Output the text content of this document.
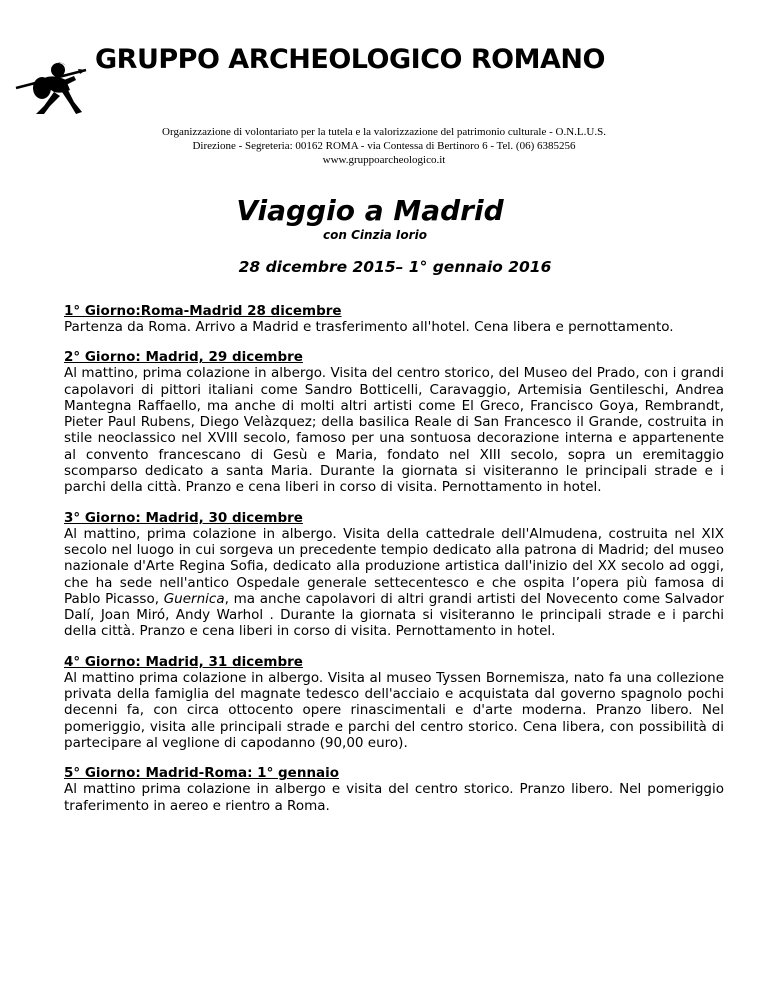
GRUPPO ARCHEOLOGICO ROMANO
Organizzazione di volontariato per la tutela e la valorizzazione del patrimonio culturale - O.N.L.U.S.
Direzione - Segreteria: 00162 ROMA - via Contessa di Bertinoro 6 - Tel. (06) 6385256
www.gruppoarcheologico.it
Viaggio a Madrid
con Cinzia Iorio
28 dicembre 2015– 1° gennaio 2016
1° Giorno:Roma-Madrid 28 dicembre
Partenza da Roma. Arrivo a Madrid e trasferimento all'hotel. Cena libera e pernottamento.
2° Giorno: Madrid, 29 dicembre
Al mattino, prima colazione in albergo. Visita del centro storico, del Museo del Prado, con i grandi capolavori di pittori italiani come Sandro Botticelli, Caravaggio, Artemisia Gentileschi, Andrea Mantegna Raffaello, ma anche di molti altri artisti come El Greco, Francisco Goya, Rembrandt, Pieter Paul Rubens, Diego Velàzquez; della basilica Reale di San Francesco il Grande, costruita in stile neoclassico nel XVIII secolo, famoso per una sontuosa decorazione interna e appartenente al convento francescano di Gesù e Maria, fondato nel XIII secolo, sopra un eremitaggio scomparso dedicato a santa Maria. Durante la giornata si visiteranno le principali strade e i parchi della città. Pranzo e cena liberi in corso di visita. Pernottamento in hotel.
3° Giorno: Madrid, 30 dicembre
Al mattino, prima colazione in albergo. Visita della cattedrale dell'Almudena, costruita nel XIX secolo nel luogo in cui sorgeva un precedente tempio dedicato alla patrona di Madrid; del museo nazionale d'Arte Regina Sofia, dedicato alla produzione artistica dall'inizio del XX secolo ad oggi, che ha sede nell'antico Ospedale generale settecentesco e che ospita l’opera più famosa di Pablo Picasso, Guernica, ma anche capolavori di altri grandi artisti del Novecento come Salvador Dalí, Joan Miró, Andy Warhol . Durante la giornata si visiteranno le principali strade e i parchi della città. Pranzo e cena liberi in corso di visita. Pernottamento in hotel.
4° Giorno: Madrid, 31 dicembre
Al mattino prima colazione in albergo. Visita al museo Tyssen Bornemisza, nato fa una collezione privata della famiglia del magnate tedesco dell'acciaio e acquistata dal governo spagnolo pochi decenni fa, con circa ottocento opere rinascimentali e d'arte moderna. Pranzo libero. Nel pomeriggio, visita alle principali strade e parchi del centro storico. Cena libera, con possibilità di partecipare al veglione di capodanno (90,00 euro).
5° Giorno: Madrid-Roma: 1° gennaio
Al mattino prima colazione in albergo e visita del centro storico. Pranzo libero. Nel pomeriggio traferimento in aereo e rientro a Roma.
